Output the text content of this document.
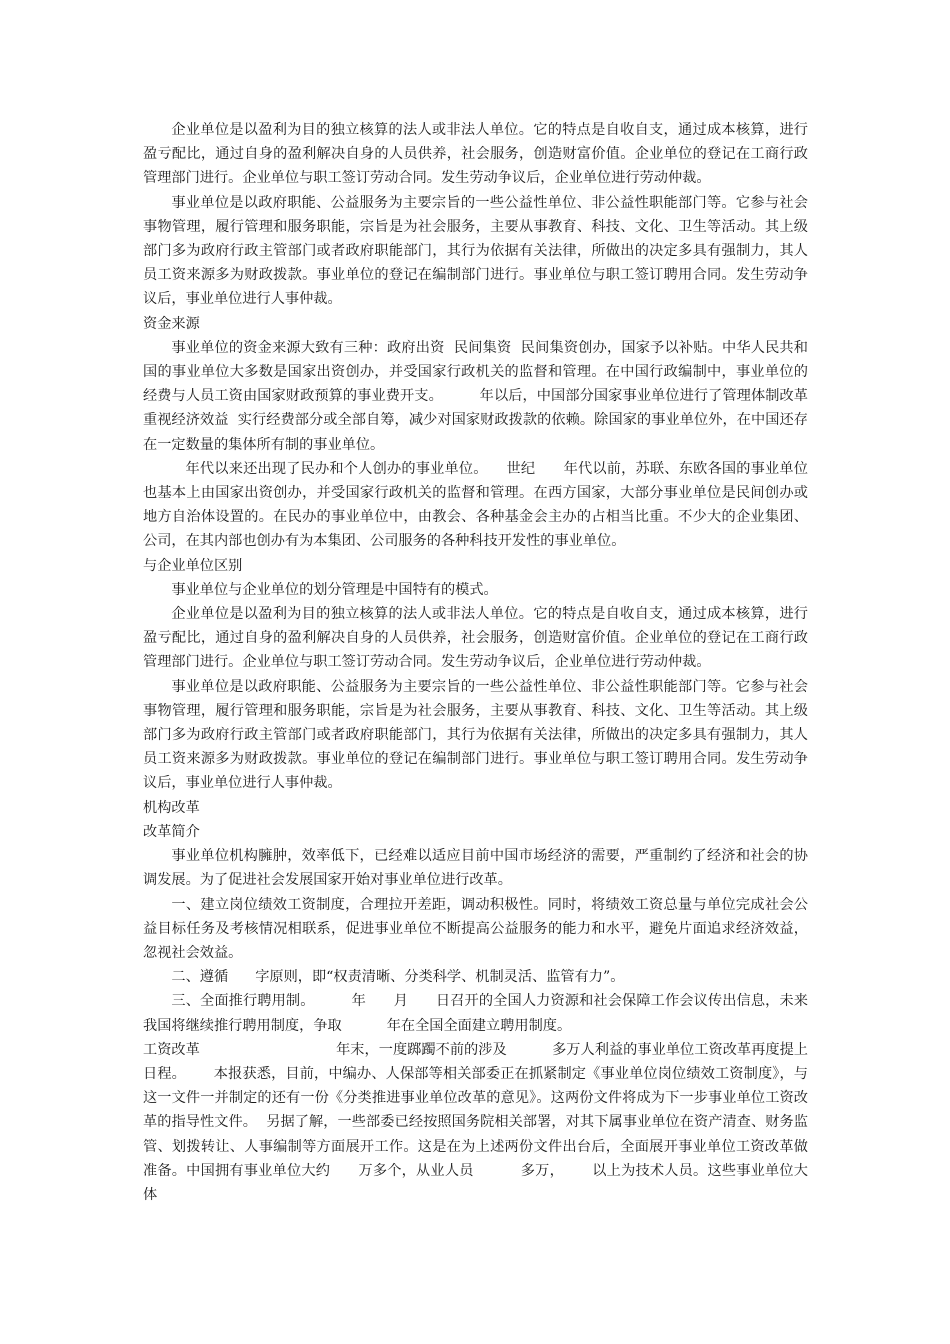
企业单位是以盈利为目的独立核算的法人或非法人单位。它的特点是自收自支，通过成本核算，进行盈亏配比，通过自身的盈利解决自身的人员供养，社会服务，创造财富价值。企业单位的登记在工商行政管理部门进行。企业单位与职工签订劳动合同。发生劳动争议后，企业单位进行劳动仲裁。

事业单位是以政府职能、公益服务为主要宗旨的一些公益性单位、非公益性职能部门等。它参与社会事物管理，履行管理和服务职能，宗旨是为社会服务，主要从事教育、科技、文化、卫生等活动。其上级部门多为政府行政主管部门或者政府职能部门，其行为依据有关法律，所做出的决定多具有强制力，其人员工资来源多为财政拨款。事业单位的登记在编制部门进行。事业单位与职工签订聘用合同。发生劳动争议后，事业单位进行人事仲裁。

资金来源

事业单位的资金来源大致有三种：政府出资  民间集资  民间集资创办，国家予以补贴。中华人民共和国的事业单位大多数是国家出资创办，并受国家行政机关的监督和管理。在中国行政编制中，事业单位的经费与人员工资由国家财政预算的事业费开支。        年以后，中国部分国家事业单位进行了管理体制改革  重视经济效益  实行经费部分或全部自筹，减少对国家财政拨款的依赖。除国家的事业单位外，在中国还存在一定数量的集体所有制的事业单位。

年代以来还出现了民办和个人创办的事业单位。    世纪      年代以前，苏联、东欧各国的事业单位也基本上由国家出资创办，并受国家行政机关的监督和管理。在西方国家，大部分事业单位是民间创办或地方自治体设置的。在民办的事业单位中，由教会、各种基金会主办的占相当比重。不少大的企业集团、公司，在其内部也创办有为本集团、公司服务的各种科技开发性的事业单位。

与企业单位区别

事业单位与企业单位的划分管理是中国特有的模式。

企业单位是以盈利为目的独立核算的法人或非法人单位。它的特点是自收自支，通过成本核算，进行盈亏配比，通过自身的盈利解决自身的人员供养，社会服务，创造财富价值。企业单位的登记在工商行政管理部门进行。企业单位与职工签订劳动合同。发生劳动争议后，企业单位进行劳动仲裁。

事业单位是以政府职能、公益服务为主要宗旨的一些公益性单位、非公益性职能部门等。它参与社会事物管理，履行管理和服务职能，宗旨是为社会服务，主要从事教育、科技、文化、卫生等活动。其上级部门多为政府行政主管部门或者政府职能部门，其行为依据有关法律，所做出的决定多具有强制力，其人员工资来源多为财政拨款。事业单位的登记在编制部门进行。事业单位与职工签订聘用合同。发生劳动争议后，事业单位进行人事仲裁。

机构改革

改革简介

事业单位机构臃肿，效率低下，已经难以适应目前中国市场经济的需要，严重制约了经济和社会的协调发展。为了促进社会发展国家开始对事业单位进行改革。

一、建立岗位绩效工资制度，合理拉开差距，调动积极性。同时，将绩效工资总量与单位完成社会公益目标任务及考核情况相联系，促进事业单位不断提高公益服务的能力和水平，避免片面追求经济效益，忽视社会效益。

二、遵循      字原则，即“权责清晰、分类科学、机制灵活、监管有力”。

三、全面推行聘用制。        年      月      日召开的全国人力资源和社会保障工作会议传出信息，未来我国将继续推行聘用制度，争取          年在全国全面建立聘用制度。

工资改革                              年末，一度踯躅不前的涉及          多万人利益的事业单位工资改革再度提上日程。      本报获悉，目前，中编办、人保部等相关部委正在抓紧制定《事业单位岗位绩效工资制度》，与这一文件一并制定的还有一份《分类推进事业单位改革的意见》。这两份文件将成为下一步事业单位工资改革的指导性文件。  另据了解，一些部委已经按照国务院相关部署，对其下属事业单位在资产清查、财务监管、划拨转让、人事编制等方面展开工作。这是在为上述两份文件出台后，全面展开事业单位工资改革做准备。中国拥有事业单位大约      万多个，从业人员          多万，      以上为技术人员。这些事业单位大体
